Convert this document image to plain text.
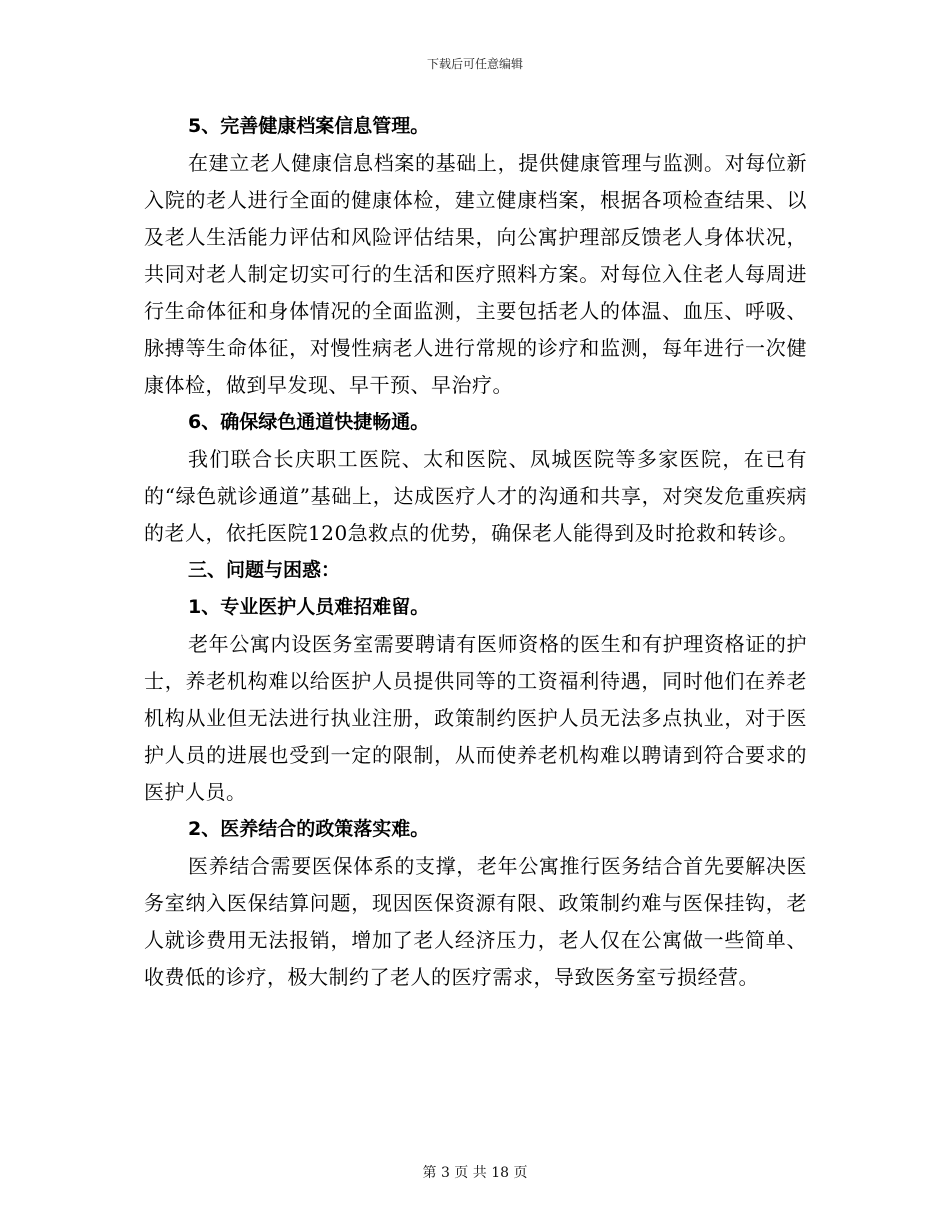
下载后可任意编辑
5、完善健康档案信息管理。

在建立老人健康信息档案的基础上，提供健康管理与监测。对每位新入院的老人进行全面的健康体检，建立健康档案，根据各项检查结果、以及老人生活能力评估和风险评估结果，向公寓护理部反馈老人身体状况，共同对老人制定切实可行的生活和医疗照料方案。对每位入住老人每周进行生命体征和身体情况的全面监测，主要包括老人的体温、血压、呼吸、脉搏等生命体征，对慢性病老人进行常规的诊疗和监测，每年进行一次健康体检，做到早发现、早干预、早治疗。

6、确保绿色通道快捷畅通。

我们联合长庆职工医院、太和医院、凤城医院等多家医院，在已有的“绿色就诊通道”基础上，达成医疗人才的沟通和共享，对突发危重疾病的老人，依托医院120急救点的优势，确保老人能得到及时抢救和转诊。

三、问题与困惑：
1、专业医护人员难招难留。

老年公寓内设医务室需要聘请有医师资格的医生和有护理资格证的护士，养老机构难以给医护人员提供同等的工资福利待遇，同时他们在养老机构从业但无法进行执业注册，政策制约医护人员无法多点执业，对于医护人员的进展也受到一定的限制，从而使养老机构难以聘请到符合要求的医护人员。

2、医养结合的政策落实难。

医养结合需要医保体系的支撑，老年公寓推行医务结合首先要解决医务室纳入医保结算问题，现因医保资源有限、政策制约难与医保挂钩，老人就诊费用无法报销，增加了老人经济压力，老人仅在公寓做一些简单、收费低的诊疗，极大制约了老人的医疗需求，导致医务室亏损经营。

第 3 页 共 18 页
